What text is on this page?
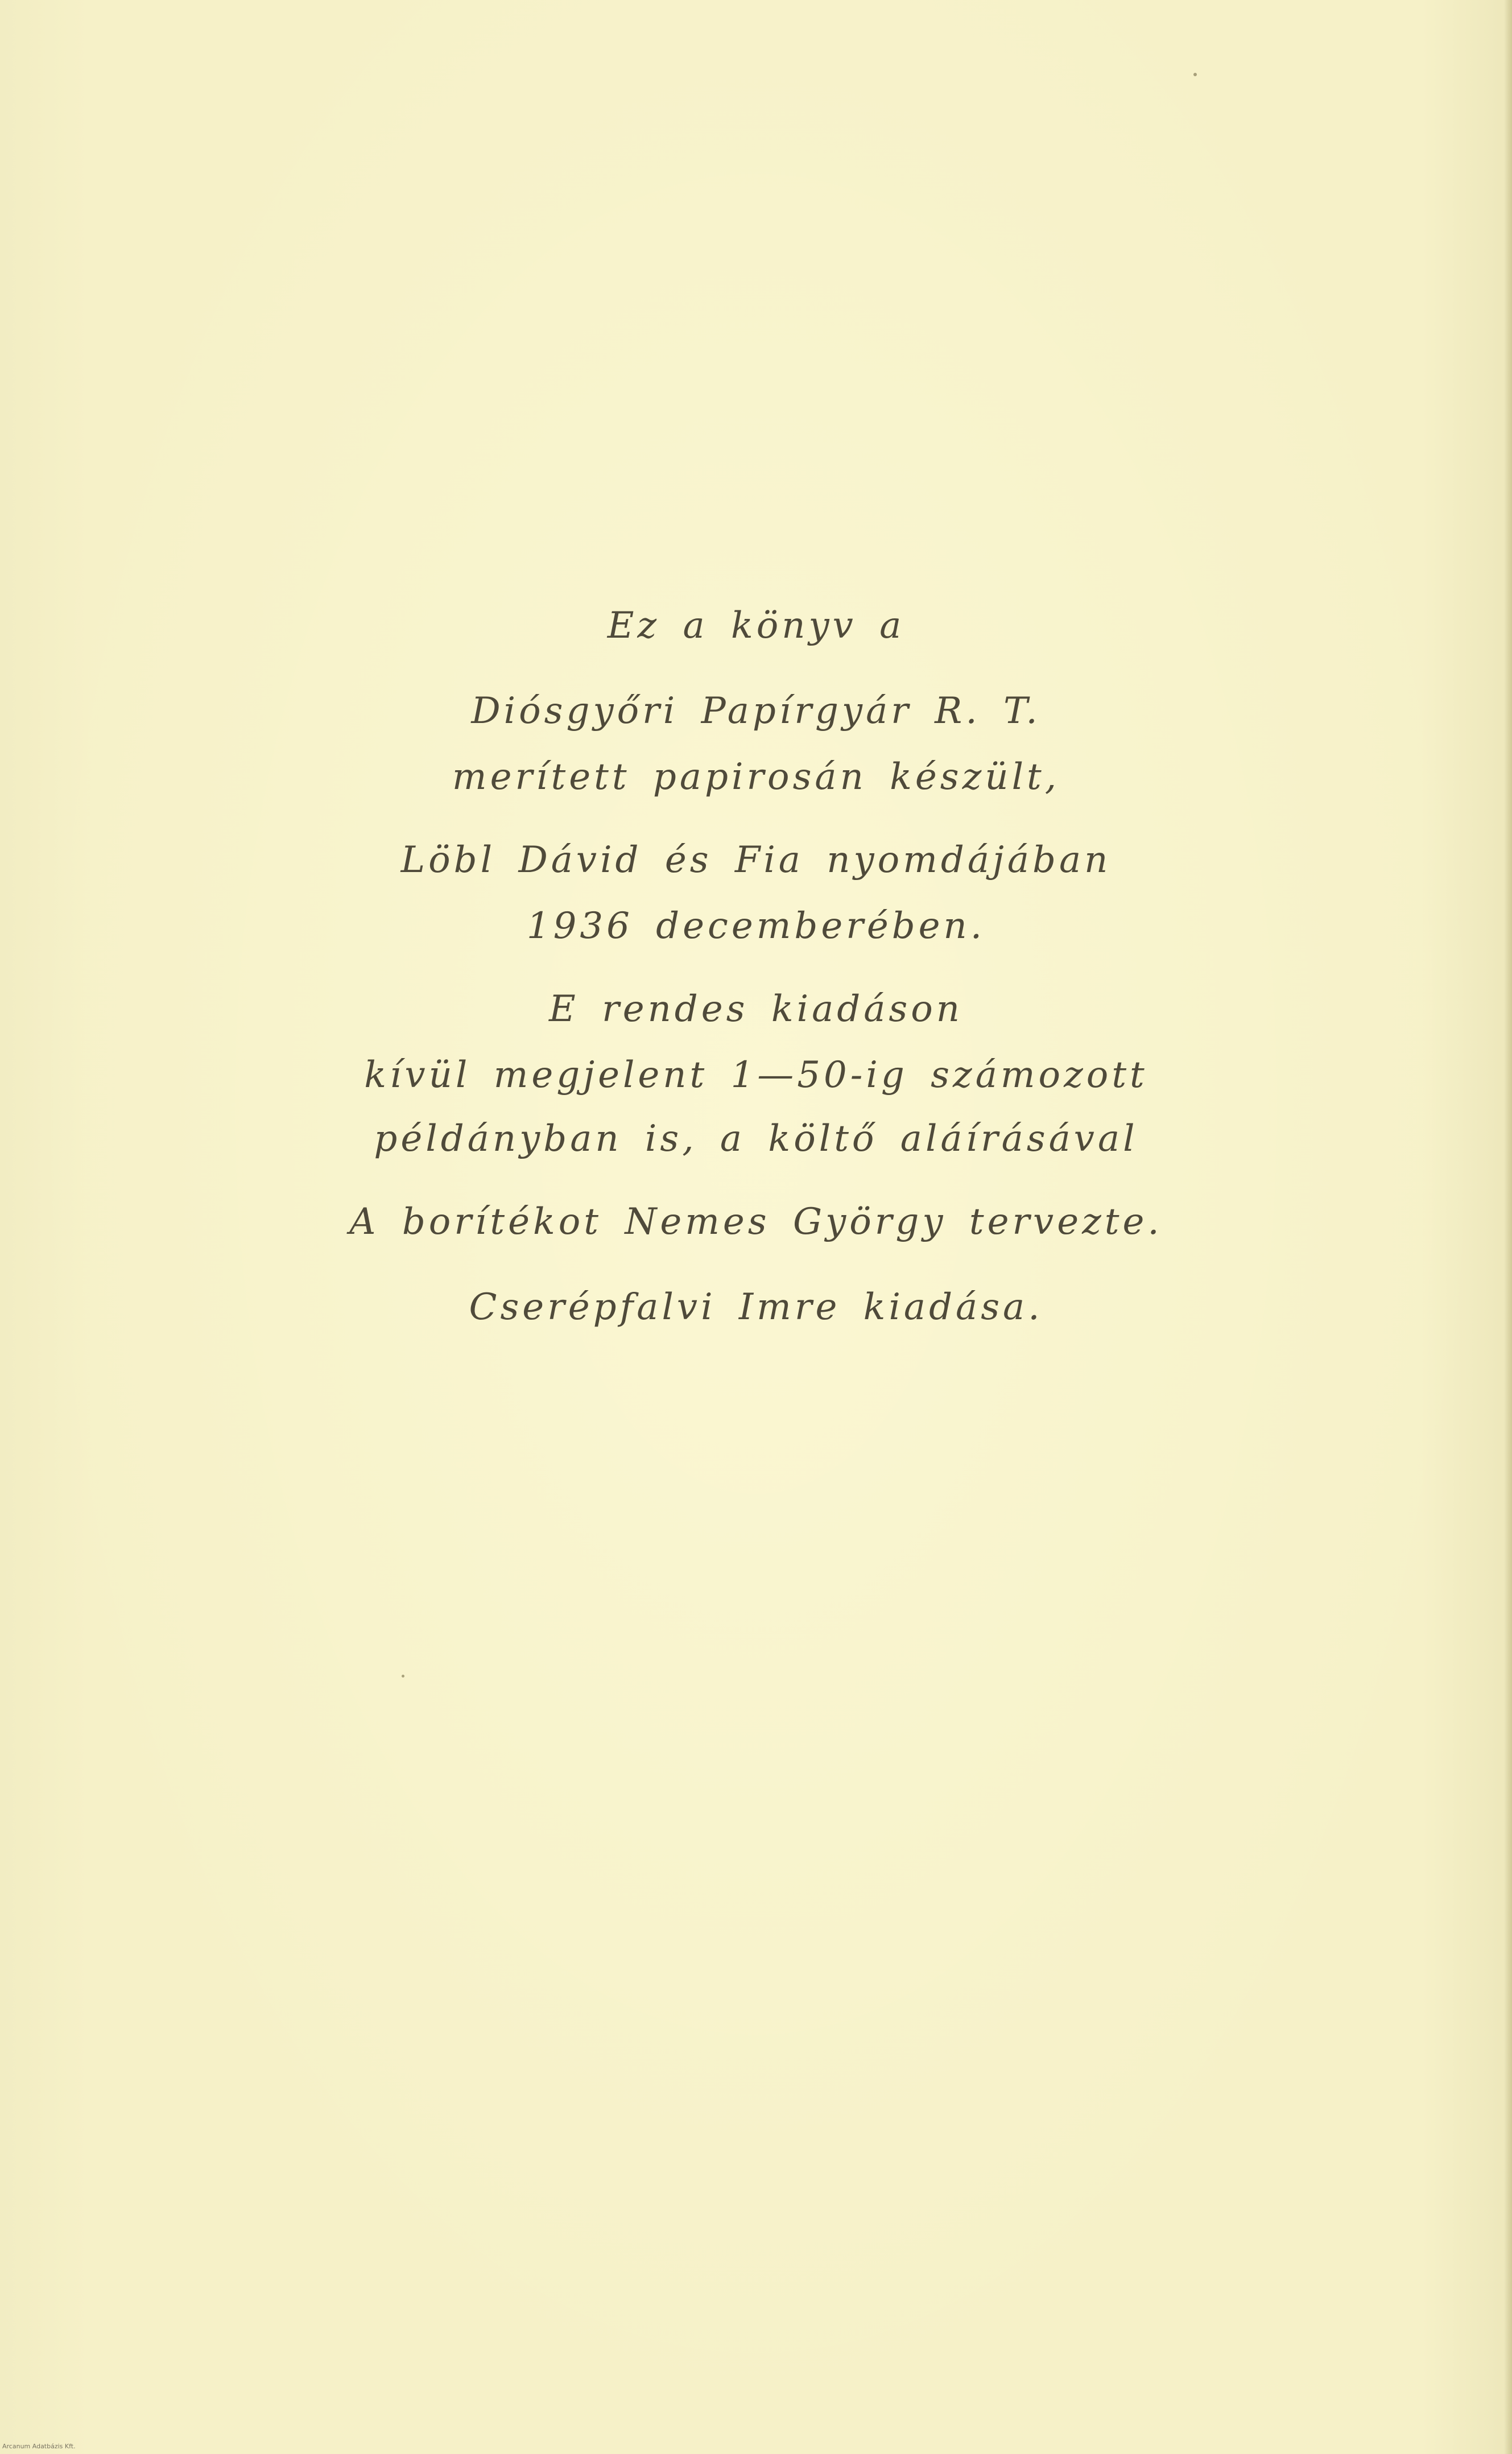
Ez a könyv a
Diósgyőri Papírgyár R. T.
merített papirosán készült,
Löbl Dávid és Fia nyomdájában
1936 decemberében.
E rendes kiadáson
kívül megjelent 1—50-ig számozott
példányban is, a költő aláírásával
A borítékot Nemes György tervezte.
Cserépfalvi Imre kiadása.
Arcanum Adatbázis Kft.
